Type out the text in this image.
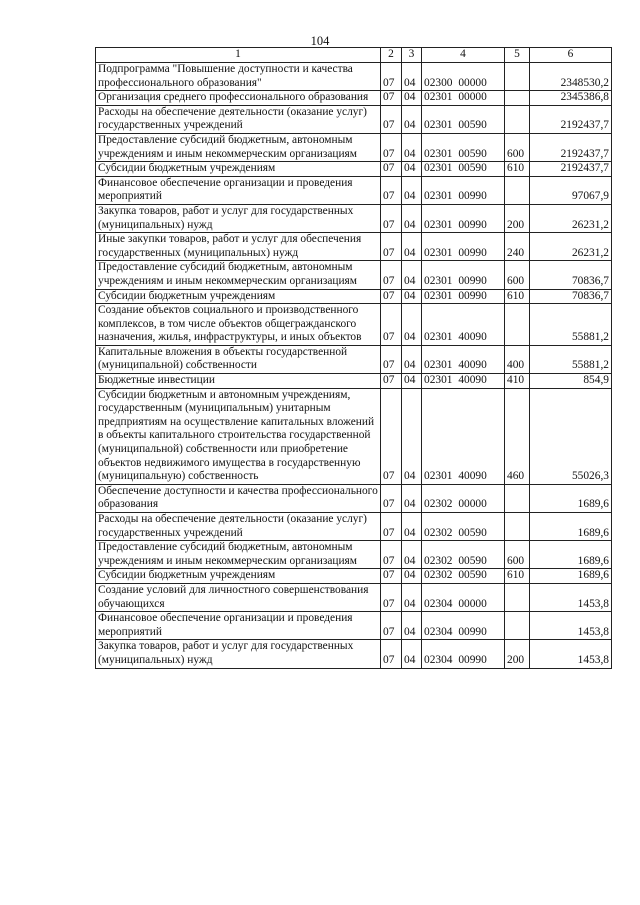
104
1	2	3	4	5	6
Подпрограмма "Повышение доступности и качества профессионального образования"	07	04	02300 00000		2348530,2
Организация среднего профессионального образования	07	04	02301 00000		2345386,8
Расходы на обеспечение деятельности (оказание услуг) государственных учреждений	07	04	02301 00590		2192437,7
Предоставление субсидий бюджетным, автономным учреждениям и иным некоммерческим организациям	07	04	02301 00590	600	2192437,7
Субсидии бюджетным учреждениям	07	04	02301 00590	610	2192437,7
Финансовое обеспечение организации и проведения мероприятий	07	04	02301 00990		97067,9
Закупка товаров, работ и услуг для государственных (муниципальных) нужд	07	04	02301 00990	200	26231,2
Иные закупки товаров, работ и услуг для обеспечения государственных (муниципальных) нужд	07	04	02301 00990	240	26231,2
Предоставление субсидий бюджетным, автономным учреждениям и иным некоммерческим организациям	07	04	02301 00990	600	70836,7
Субсидии бюджетным учреждениям	07	04	02301 00990	610	70836,7
Создание объектов социального и производственного комплексов, в том числе объектов общегражданского назначения, жилья, инфраструктуры, и иных объектов	07	04	02301 40090		55881,2
Капитальные вложения в объекты государственной (муниципальной) собственности	07	04	02301 40090	400	55881,2
Бюджетные инвестиции	07	04	02301 40090	410	854,9
Субсидии бюджетным и автономным учреждениям, государственным (муниципальным) унитарным предприятиям на осуществление капитальных вложений в объекты капитального строительства государственной (муниципальной) собственности или приобретение объектов недвижимого имущества в государственную (муниципальную) собственность	07	04	02301 40090	460	55026,3
Обеспечение доступности и качества профессионального образования	07	04	02302 00000		1689,6
Расходы на обеспечение деятельности (оказание услуг) государственных учреждений	07	04	02302 00590		1689,6
Предоставление субсидий бюджетным, автономным учреждениям и иным некоммерческим организациям	07	04	02302 00590	600	1689,6
Субсидии бюджетным учреждениям	07	04	02302 00590	610	1689,6
Создание условий для личностного совершенствования обучающихся	07	04	02304 00000		1453,8
Финансовое обеспечение организации и проведения мероприятий	07	04	02304 00990		1453,8
Закупка товаров, работ и услуг для государственных (муниципальных) нужд	07	04	02304 00990	200	1453,8
